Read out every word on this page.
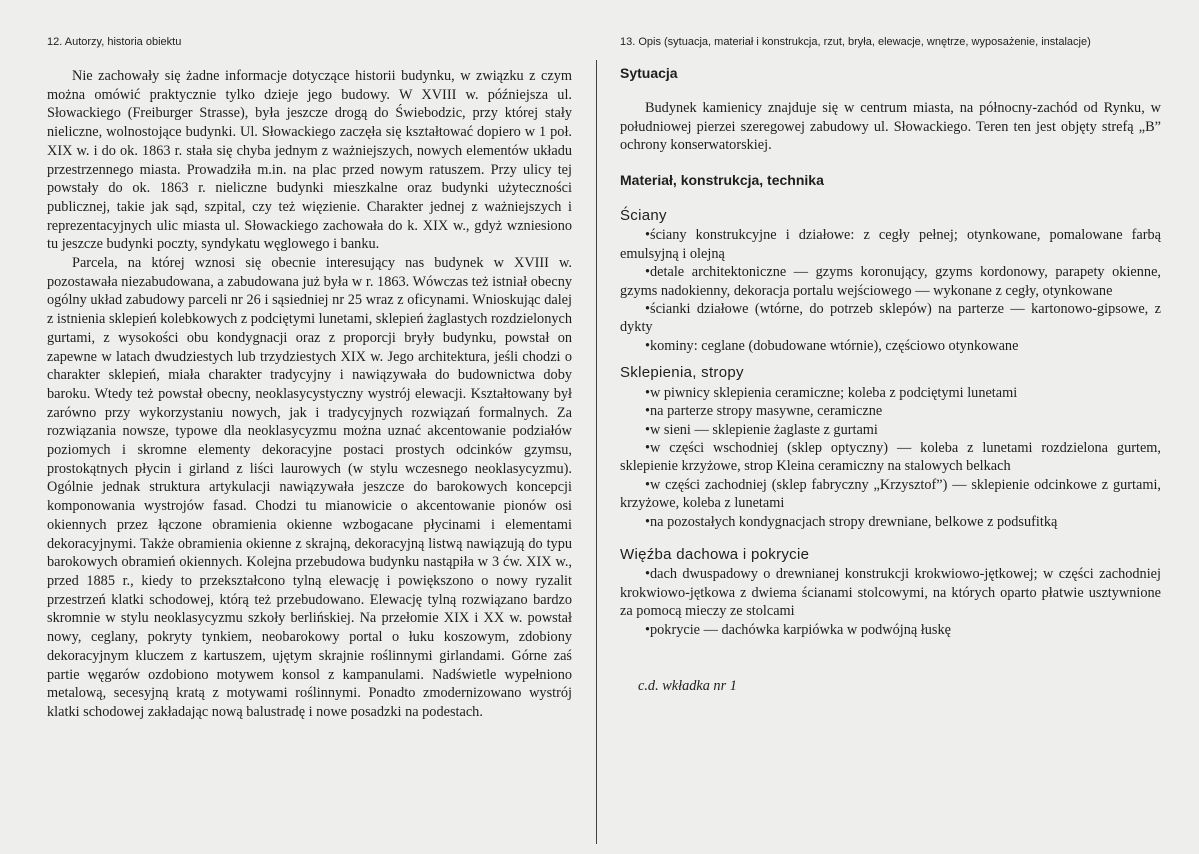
12. Autorzy, historia obiektu	13. Opis (sytuacja, materiał i konstrukcja, rzut, bryła, elewacje, wnętrze, wyposażenie, instalacje)

Nie zachowały się żadne informacje dotyczące historii budynku, w związku z czym można omówić praktycznie tylko dzieje jego budowy. W XVIII w. późniejsza ul. Słowackiego (Freiburger Strasse), była jeszcze drogą do Świebodzic, przy której stały nieliczne, wolnostojące budynki. Ul. Słowackiego zaczęła się kształtować dopiero w 1 poł. XIX w. i do ok. 1863 r. stała się chyba jednym z ważniejszych, nowych elementów układu przestrzennego miasta. Prowadziła m.in. na plac przed nowym ratuszem. Przy ulicy tej powstały do ok. 1863 r. nieliczne budynki mieszkalne oraz budynki użyteczności publicznej, takie jak sąd, szpital, czy też więzienie. Charakter jednej z ważniejszych i reprezentacyjnych ulic miasta ul. Słowackiego zachowała do k. XIX w., gdyż wzniesiono tu jeszcze budynki poczty, syndykatu węglowego i banku.

Parcela, na której wznosi się obecnie interesujący nas budynek w XVIII w. pozostawała niezabudowana, a zabudowana już była w r. 1863. Wówczas też istniał obecny ogólny układ zabudowy parceli nr 26 i sąsiedniej nr 25 wraz z oficynami. Wnioskując dalej z istnienia sklepień kolebkowych z podciętymi lunetami, sklepień żaglastych rozdzielonych gurtami, z wysokości obu kondygnacji oraz z proporcji bryły budynku, powstał on zapewne w latach dwudziestych lub trzydziestych XIX w. Jego architektura, jeśli chodzi o charakter sklepień, miała charakter tradycyjny i nawiązywała do budownictwa doby baroku. Wtedy też powstał obecny, neoklasycystyczny wystrój elewacji. Kształtowany był zarówno przy wykorzystaniu nowych, jak i tradycyjnych rozwiązań formalnych. Za rozwiązania nowsze, typowe dla neoklasycyzmu można uznać akcentowanie podziałów poziomych i skromne elementy dekoracyjne postaci prostych odcinków gzymsu, prostokątnych płycin i girland z liści laurowych (w stylu wczesnego neoklasycyzmu). Ogólnie jednak struktura artykulacji nawiązywała jeszcze do barokowych koncepcji komponowania wystrojów fasad. Chodzi tu mianowicie o akcentowanie pionów osi okiennych przez łączone obramienia okienne wzbogacane płycinami i elementami dekoracyjnymi. Także obramienia okienne z skrajną, dekoracyjną listwą nawiązują do typu barokowych obramień okiennych. Kolejna przebudowa budynku nastąpiła w 3 ćw. XIX w., przed 1885 r., kiedy to przekształcono tylną elewację i powiększono o nowy ryzalit przestrzeń klatki schodowej, którą też przebudowano. Elewację tylną rozwiązano bardzo skromnie w stylu neoklasycyzmu szkoły berlińskiej. Na przełomie XIX i XX w. powstał nowy, ceglany, pokryty tynkiem, neobarokowy portal o łuku koszowym, zdobiony dekoracyjnym kluczem z kartuszem, ujętym skrajnie roślinnymi girlandami. Górne zaś partie węgarów ozdobiono motywem konsol z kampanulami. Nadświetle wypełniono metalową, secesyjną kratą z motywami roślinnymi. Ponadto zmodernizowano wystrój klatki schodowej zakładając nową balustradę i nowe posadzki na podestach.

Sytuacja

Budynek kamienicy znajduje się w centrum miasta, na północny-zachód od Rynku, w południowej pierzei szeregowej zabudowy ul. Słowackiego. Teren ten jest objęty strefą „B” ochrony konserwatorskiej.

Materiał, konstrukcja, technika
Ściany

•ściany konstrukcyjne i działowe: z cegły pełnej; otynkowane, pomalowane farbą emulsyjną i olejną

•detale architektoniczne — gzyms koronujący, gzyms kordonowy, parapety okienne, gzyms nadokienny, dekoracja portalu wejściowego — wykonane z cegły, otynkowane

•ścianki działowe (wtórne, do potrzeb sklepów) na parterze — kartonowo-gipsowe, z dykty

•kominy: ceglane (dobudowane wtórnie), częściowo otynkowane

Sklepienia, stropy

•w piwnicy sklepienia ceramiczne; koleba z podciętymi lunetami

•na parterze stropy masywne, ceramiczne

•w sieni — sklepienie żaglaste z gurtami

•w części wschodniej (sklep optyczny) — koleba z lunetami rozdzielona gurtem, sklepienie krzyżowe, strop Kleina ceramiczny na stalowych belkach

•w części zachodniej (sklep fabryczny „Krzysztof”) — sklepienie odcinkowe z gurtami, krzyżowe, koleba z lunetami

•na pozostałych kondygnacjach stropy drewniane, belkowe z podsufitką

Więźba dachowa i pokrycie

•dach dwuspadowy o drewnianej konstrukcji krokwiowo-jętkowej; w części zachodniej krokwiowo-jętkowa z dwiema ścianami stolcowymi, na których oparto płatwie usztywnione za pomocą mieczy ze stolcami

•pokrycie — dachówka karpiówka w podwójną łuskę

c.d. wkładka nr 1
